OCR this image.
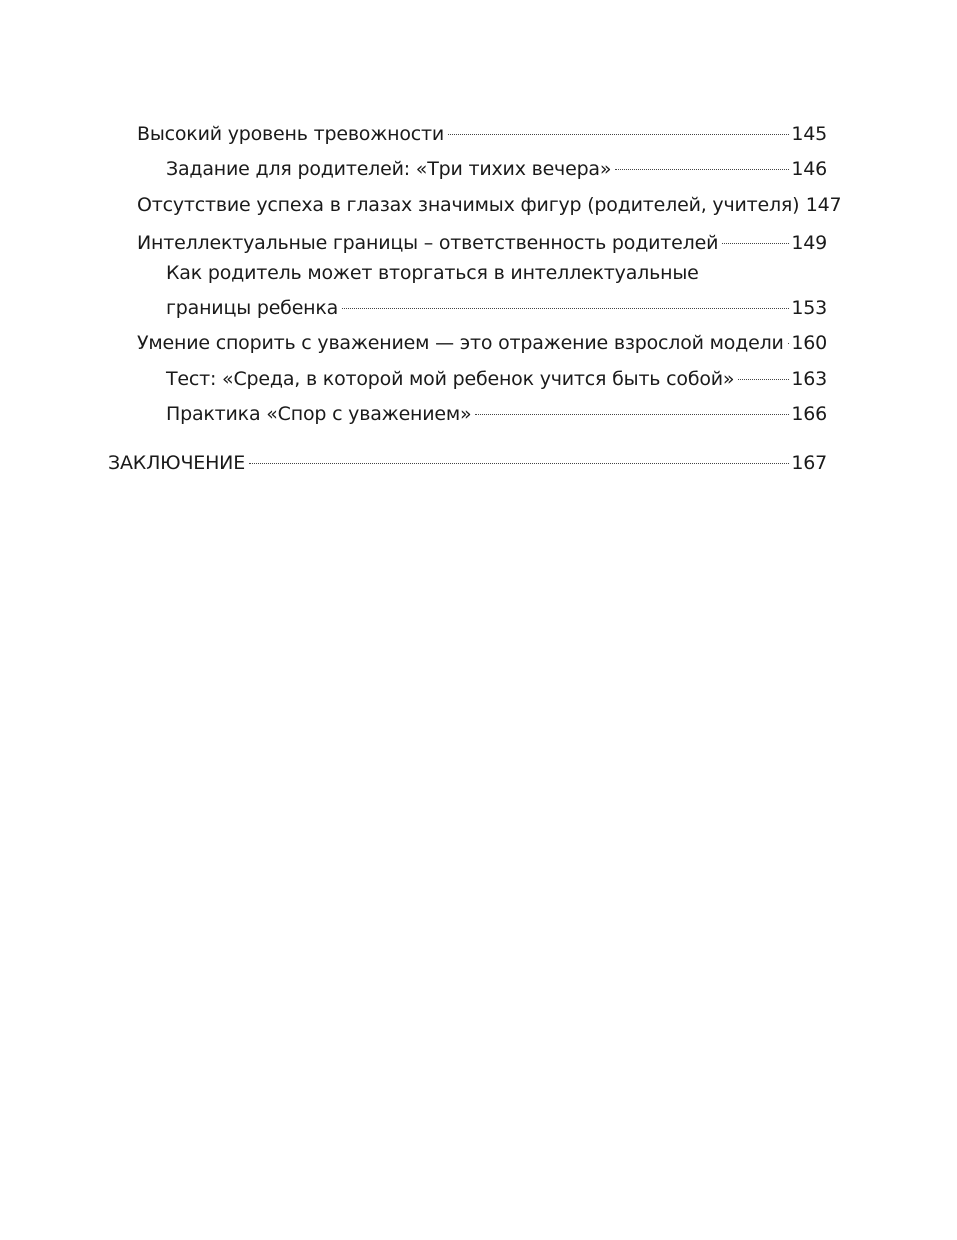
Высокий уровень тревожности	145
Задание для родителей: «Три тихих вечера»	146
Отсутствие успеха в глазах значимых фигур (родителей, учителя) 147
Интеллектуальные границы – ответственность родителей	149
Как родитель может вторгаться в интеллектуальные
границы ребенка	153
Умение спорить с уважением — это отражение взрослой модели 160
Тест: «Среда, в которой мой ребенок учится быть собой»	163
Практика «Спор с уважением»	166
ЗАКЛЮЧЕНИЕ	167
